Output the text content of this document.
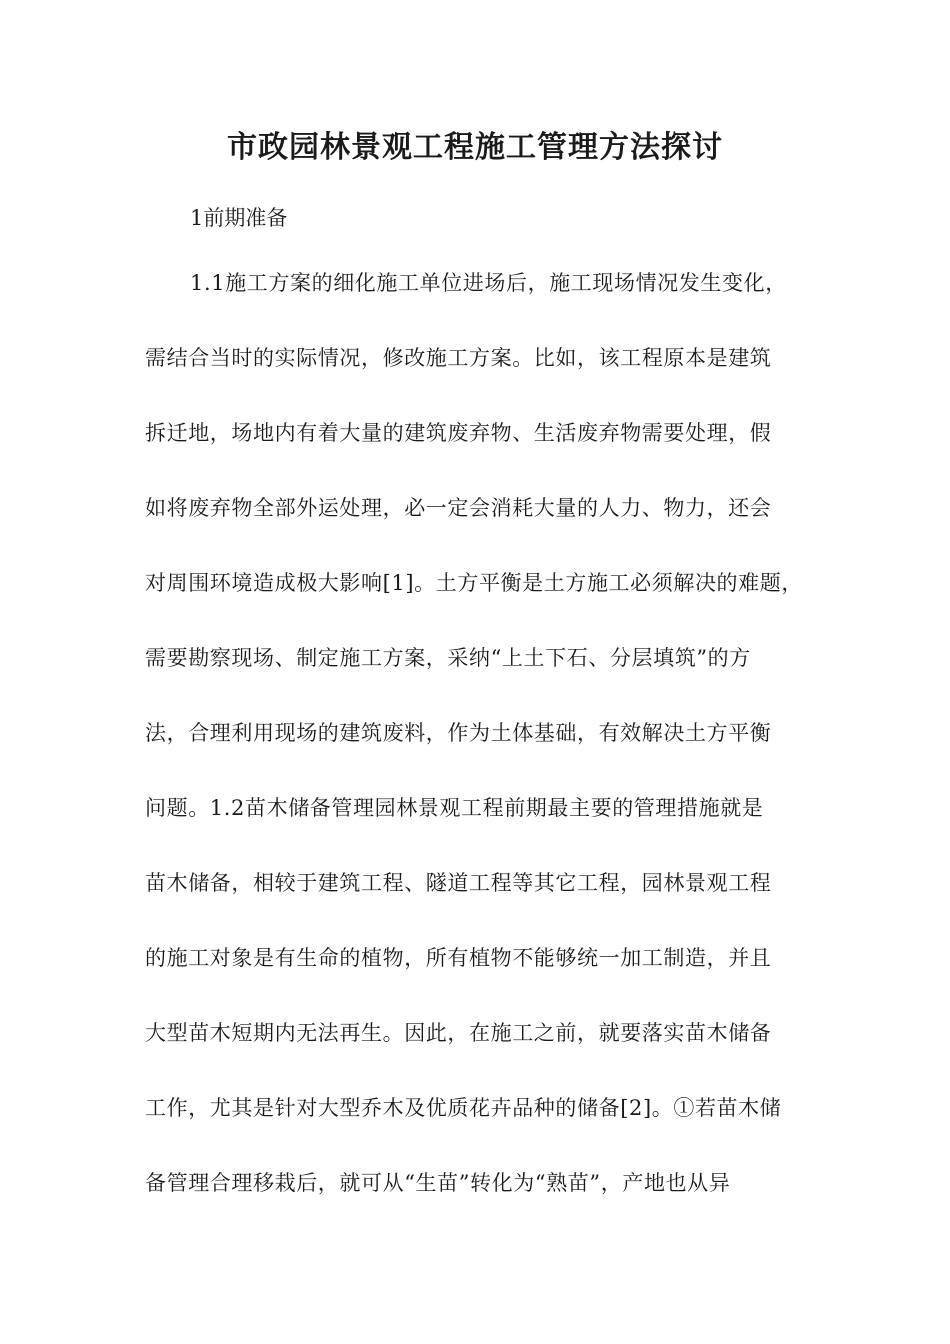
市政园林景观工程施工管理方法探讨
1前期准备
1.1施工方案的细化施工单位进场后，施工现场情况发生变化，
需结合当时的实际情况，修改施工方案。比如，该工程原本是建筑
拆迁地，场地内有着大量的建筑废弃物、生活废弃物需要处理，假
如将废弃物全部外运处理，必一定会消耗大量的人力、物力，还会
对周围环境造成极大影响[1]。土方平衡是土方施工必须解决的难题，
需要勘察现场、制定施工方案，采纳“上土下石、分层填筑”的方
法，合理利用现场的建筑废料，作为土体基础，有效解决土方平衡
问题。1.2苗木储备管理园林景观工程前期最主要的管理措施就是
苗木储备，相较于建筑工程、隧道工程等其它工程，园林景观工程
的施工对象是有生命的植物，所有植物不能够统一加工制造，并且
大型苗木短期内无法再生。因此，在施工之前，就要落实苗木储备
工作，尤其是针对大型乔木及优质花卉品种的储备[2]。①若苗木储
备管理合理移栽后，就可从“生苗”转化为“熟苗”，产地也从异
